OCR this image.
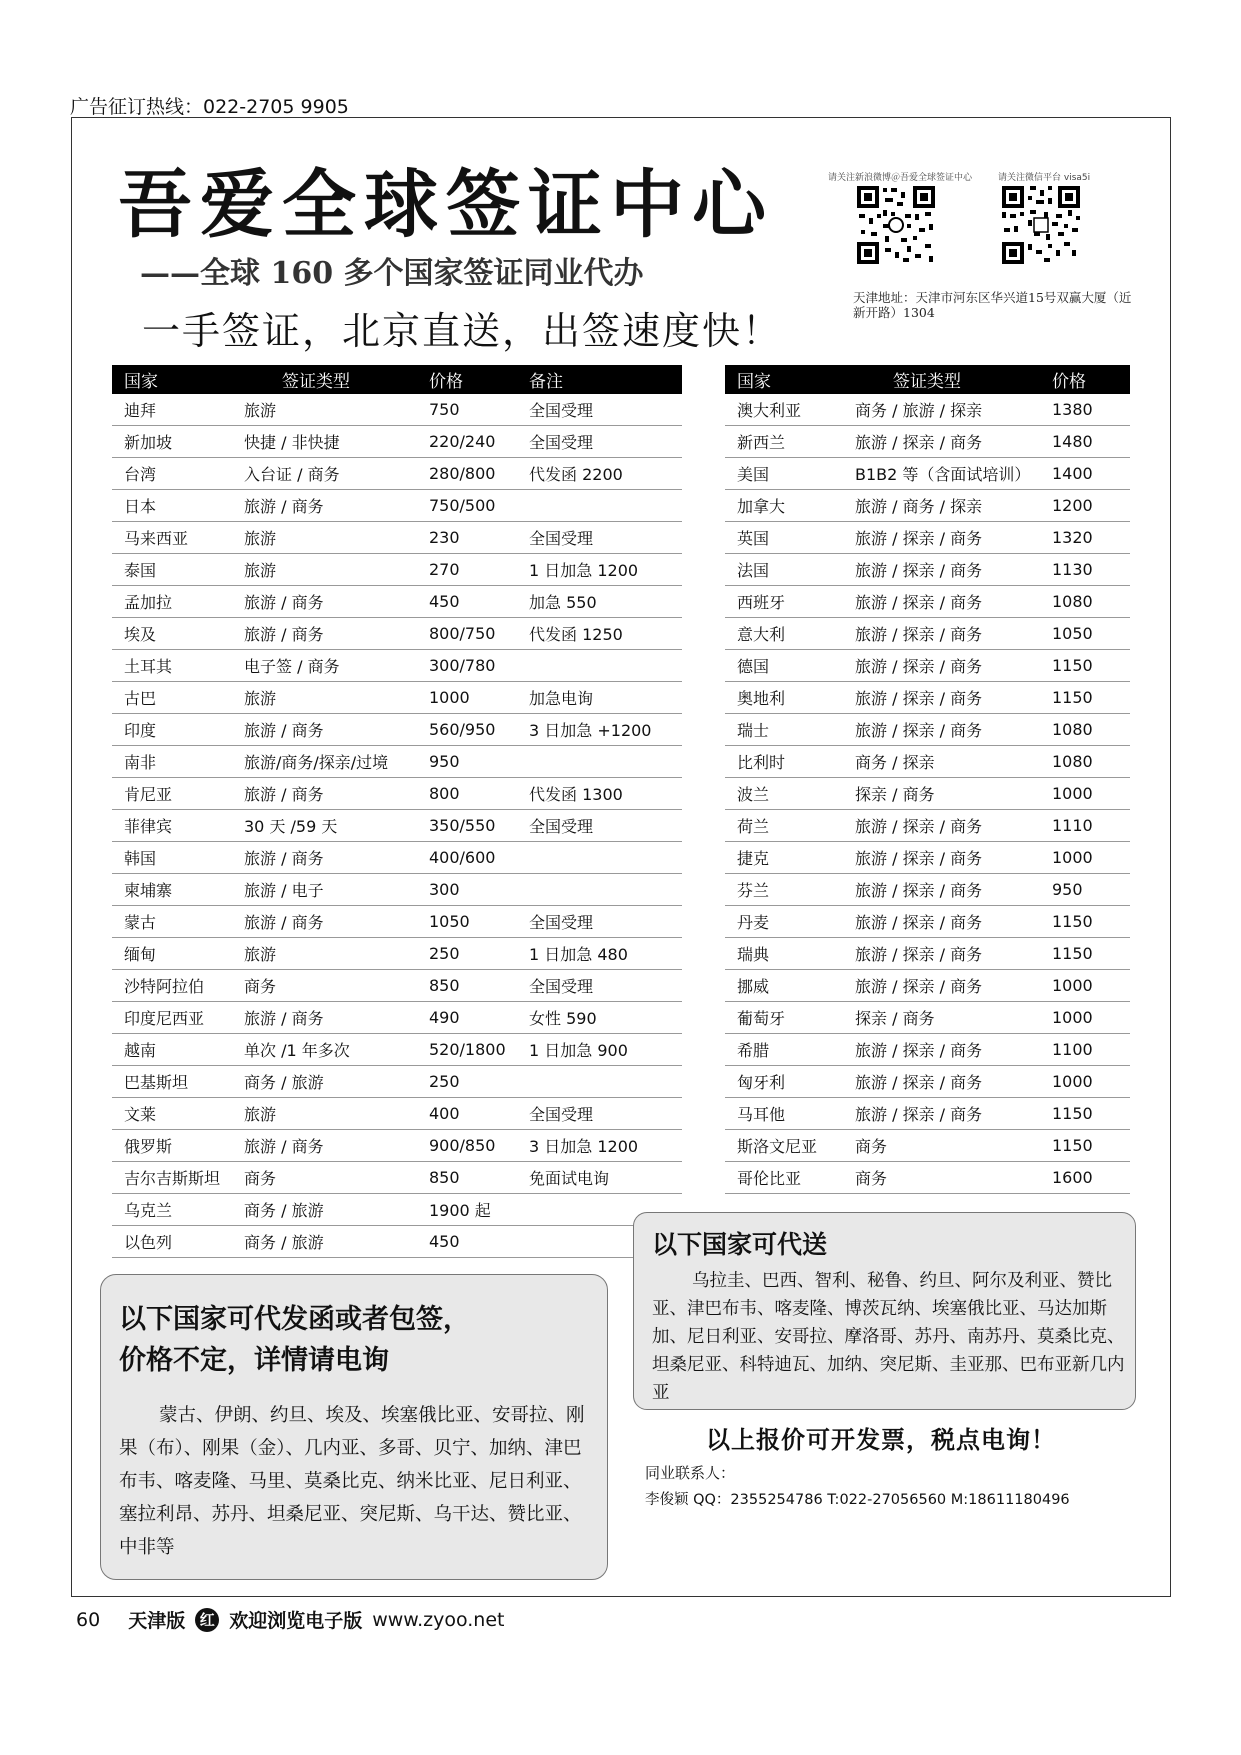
广告征订热线：022-2705 9905
吾爱全球签证中心
——全球 160 多个国家签证同业代办
一手签证，北京直送，出签速度快！
请关注新浪微博＠吾爱全球签证中心	请关注微信平台 visa5i
天津地址：天津市河东区华兴道15号双赢大厦（近新开路）1304
国家	签证类型	价格	备注
迪拜	旅游	750	全国受理
新加坡	快捷 / 非快捷	220/240	全国受理
台湾	入台证 / 商务	280/800	代发函 2200
日本	旅游 / 商务	750/500	
马来西亚	旅游	230	全国受理
泰国	旅游	270	1 日加急 1200
孟加拉	旅游 / 商务	450	加急 550
埃及	旅游 / 商务	800/750	代发函 1250
土耳其	电子签 / 商务	300/780	
古巴	旅游	1000	加急电询
印度	旅游 / 商务	560/950	3 日加急 +1200
南非	旅游/商务/探亲/过境	950	
肯尼亚	旅游 / 商务	800	代发函 1300
菲律宾	30 天 /59 天	350/550	全国受理
韩国	旅游 / 商务	400/600	
柬埔寨	旅游 / 电子	300	
蒙古	旅游 / 商务	1050	全国受理
缅甸	旅游	250	1 日加急 480
沙特阿拉伯	商务	850	全国受理
印度尼西亚	旅游 / 商务	490	女性 590
越南	单次 /1 年多次	520/1800	1 日加急 900
巴基斯坦	商务 / 旅游	250	
文莱	旅游	400	全国受理
俄罗斯	旅游 / 商务	900/850	3 日加急 1200
吉尔吉斯斯坦	商务	850	免面试电询
乌克兰	商务 / 旅游	1900 起	
以色列	商务 / 旅游	450	
国家	签证类型	价格
澳大利亚	商务 / 旅游 / 探亲	1380
新西兰	旅游 / 探亲 / 商务	1480
美国	B1B2 等（含面试培训）	1400
加拿大	旅游 / 商务 / 探亲	1200
英国	旅游 / 探亲 / 商务	1320
法国	旅游 / 探亲 / 商务	1130
西班牙	旅游 / 探亲 / 商务	1080
意大利	旅游 / 探亲 / 商务	1050
德国	旅游 / 探亲 / 商务	1150
奥地利	旅游 / 探亲 / 商务	1150
瑞士	旅游 / 探亲 / 商务	1080
比利时	商务 / 探亲	1080
波兰	探亲 / 商务	1000
荷兰	旅游 / 探亲 / 商务	1110
捷克	旅游 / 探亲 / 商务	1000
芬兰	旅游 / 探亲 / 商务	950
丹麦	旅游 / 探亲 / 商务	1150
瑞典	旅游 / 探亲 / 商务	1150
挪威	旅游 / 探亲 / 商务	1000
葡萄牙	探亲 / 商务	1000
希腊	旅游 / 探亲 / 商务	1100
匈牙利	旅游 / 探亲 / 商务	1000
马耳他	旅游 / 探亲 / 商务	1150
斯洛文尼亚	商务	1150
哥伦比亚	商务	1600
以下国家可代发函或者包签，
价格不定，详情请电询
蒙古、伊朗、约旦、埃及、埃塞俄比亚、安哥拉、刚果（布）、刚果（金）、几内亚、多哥、贝宁、加纳、津巴布韦、喀麦隆、马里、莫桑比克、纳米比亚、尼日利亚、塞拉利昂、苏丹、坦桑尼亚、突尼斯、乌干达、赞比亚、中非等
以下国家可代送
乌拉圭、巴西、智利、秘鲁、约旦、阿尔及利亚、赞比亚、津巴布韦、喀麦隆、博茨瓦纳、埃塞俄比亚、马达加斯加、尼日利亚、安哥拉、摩洛哥、苏丹、南苏丹、莫桑比克、坦桑尼亚、科特迪瓦、加纳、突尼斯、圭亚那、巴布亚新几内亚
以上报价可开发票，税点电询！
同业联系人：
李俊颖 QQ：2355254786 T:022-27056560 M:18611180496
60 天津版 红 欢迎浏览电子版 www.zyoo.net
